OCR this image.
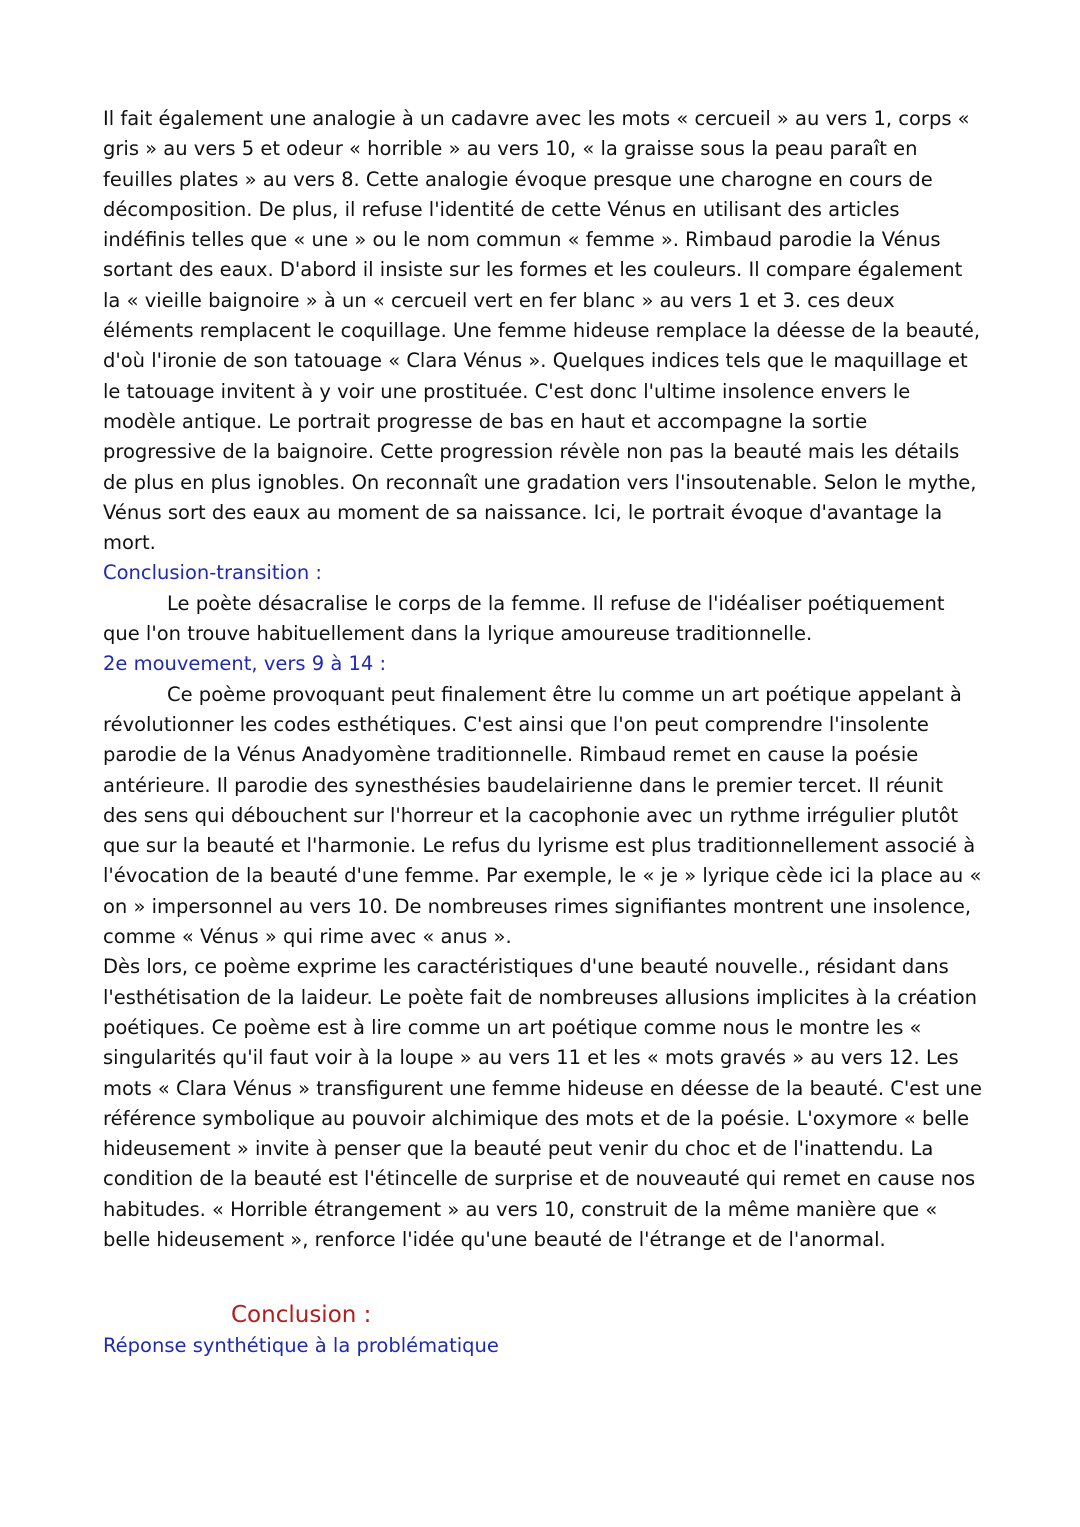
Il fait également une analogie à un cadavre avec les mots « cercueil » au vers 1, corps « gris » au vers 5 et odeur « horrible » au vers 10, « la graisse sous la peau paraît en feuilles plates » au vers 8. Cette analogie évoque presque une charogne en cours de décomposition. De plus, il refuse l'identité de cette Vénus en utilisant des articles indéfinis telles que « une » ou le nom commun « femme ». Rimbaud parodie la Vénus sortant des eaux. D'abord il insiste sur les formes et les couleurs. Il compare également la « vieille baignoire » à un « cercueil vert en fer blanc » au vers 1 et 3. ces deux éléments remplacent le coquillage. Une femme hideuse remplace la déesse de la beauté, d'où l'ironie de son tatouage « Clara Vénus ». Quelques indices tels que le maquillage et le tatouage invitent à y voir une prostituée. C'est donc l'ultime insolence envers le modèle antique. Le portrait progresse de bas en haut et accompagne la sortie progressive de la baignoire. Cette progression révèle non pas la beauté mais les détails de plus en plus ignobles. On reconnaît une gradation vers l'insoutenable. Selon le mythe, Vénus sort des eaux au moment de sa naissance. Ici, le portrait évoque d'avantage la mort.

Conclusion-transition :

Le poète désacralise le corps de la femme. Il refuse de l'idéaliser poétiquement que l'on trouve habituellement dans la lyrique amoureuse traditionnelle.

2e mouvement, vers 9 à 14 :

Ce poème provoquant peut finalement être lu comme un art poétique appelant à révolutionner les codes esthétiques. C'est ainsi que l'on peut comprendre l'insolente parodie de la Vénus Anadyomène traditionnelle. Rimbaud remet en cause la poésie antérieure. Il parodie des synesthésies baudelairienne dans le premier tercet. Il réunit des sens qui débouchent sur l'horreur et la cacophonie avec un rythme irrégulier plutôt que sur la beauté et l'harmonie. Le refus du lyrisme est plus traditionnellement associé à l'évocation de la beauté d'une femme. Par exemple, le « je » lyrique cède ici la place au « on » impersonnel au vers 10. De nombreuses rimes signifiantes montrent une insolence, comme « Vénus » qui rime avec « anus ».

Dès lors, ce poème exprime les caractéristiques d'une beauté nouvelle., résidant dans l'esthétisation de la laideur. Le poète fait de nombreuses allusions implicites à la création poétiques. Ce poème est à lire comme un art poétique comme nous le montre les « singularités qu'il faut voir à la loupe » au vers 11 et les « mots gravés » au vers 12. Les mots « Clara Vénus » transfigurent une femme hideuse en déesse de la beauté. C'est une référence symbolique au pouvoir alchimique des mots et de la poésie. L'oxymore « belle hideusement » invite à penser que la beauté peut venir du choc et de l'inattendu. La condition de la beauté est l'étincelle de surprise et de nouveauté qui remet en cause nos habitudes. « Horrible étrangement » au vers 10, construit de la même manière que « belle hideusement », renforce l'idée qu'une beauté de l'étrange et de l'anormal.

Conclusion :

Réponse synthétique à la problématique
